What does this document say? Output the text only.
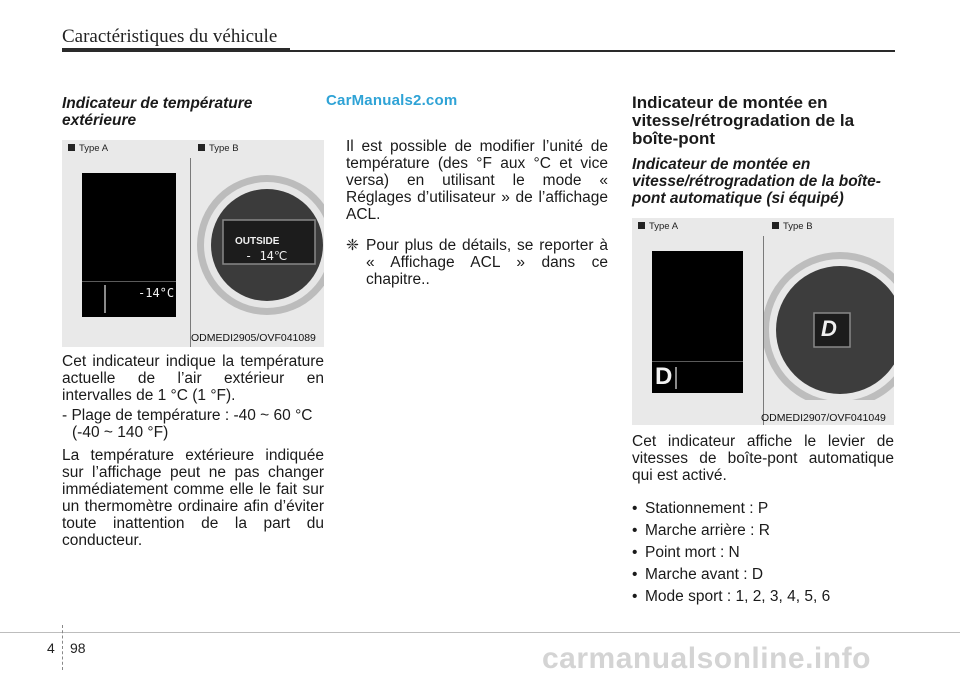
Caractéristiques du véhicule
CarManuals2.com
Indicateur de température extérieure
Type A	Type B
-14°C
OUTSIDE
- 14℃
ODMEDI2905/OVF041089

Cet indicateur indique la température actuelle de l’air extérieur en intervalles de 1 °C (1 °F).

- Plage de température : -40 ~ 60 °C

(-40 ~ 140 °F)

La température extérieure indiquée sur l’affichage peut ne pas changer immédiatement comme elle le fait sur un thermomètre ordinaire afin d’éviter toute inattention de la part du conducteur.

Il est possible de modifier l’unité de température (des °F aux °C et vice versa) en utilisant le mode « Réglages d’utilisateur » de l’affichage ACL.

❈ Pour plus de détails, se reporter à « Affichage ACL » dans ce chapitre..
Indicateur de montée en vitesse/rétrogradation de la boîte-pont
Indicateur de montée en vitesse/rétrogradation de la boîte-pont automatique (si équipé)
Type A	Type B
D
D
ODMEDI2907/OVF041049

Cet indicateur affiche le levier de vitesses de boîte-pont automatique qui est activé.

• Stationnement : P
• Marche arrière : R
• Point mort : N
• Marche avant : D
• Mode sport : 1, 2, 3, 4, 5, 6
4 98	carmanualsonline.info
